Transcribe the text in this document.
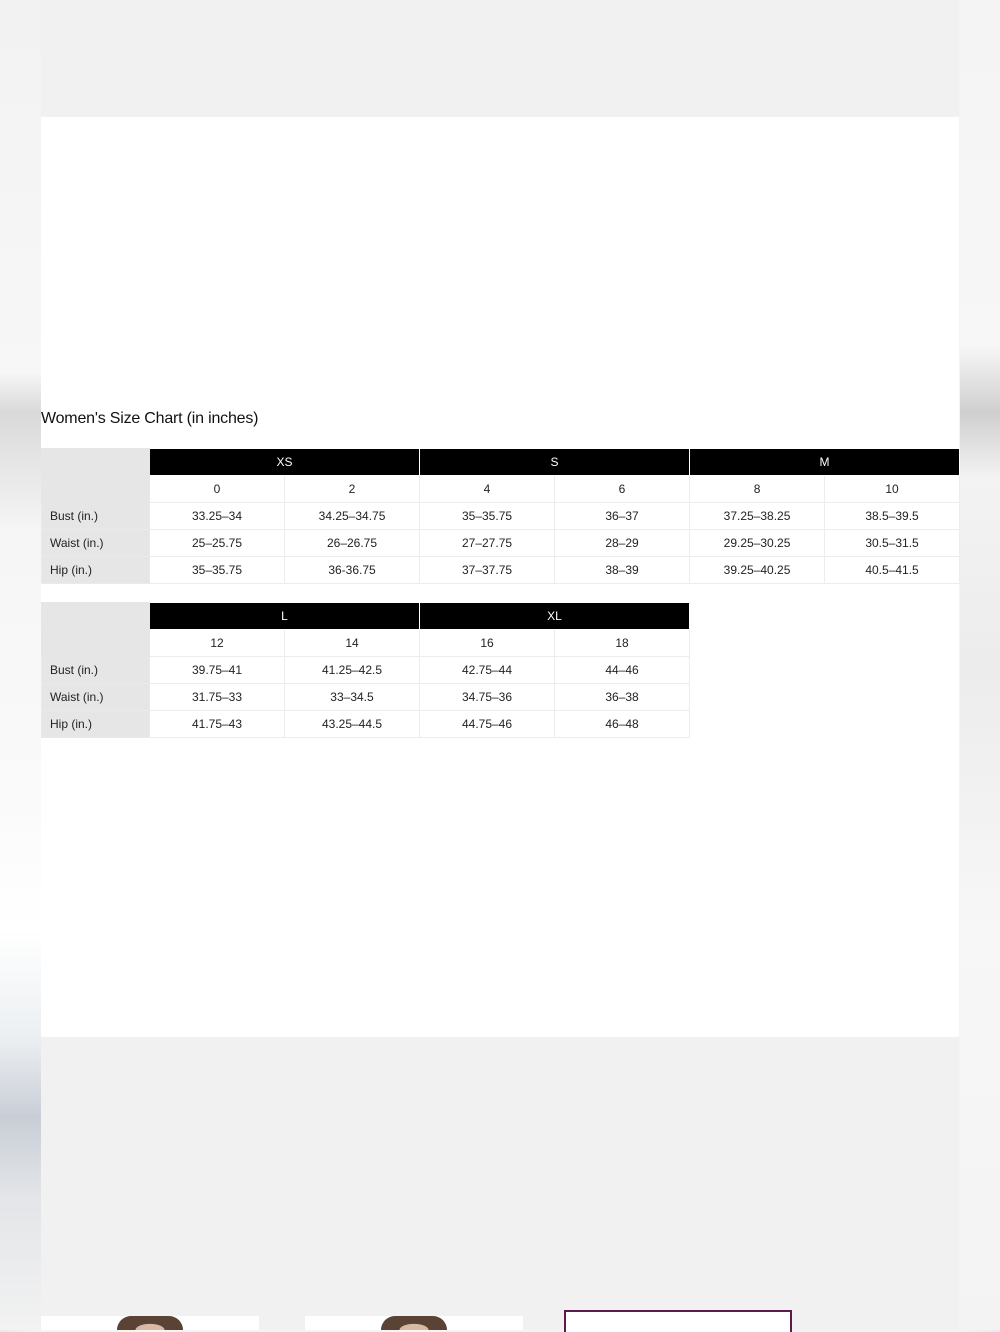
Women's Size Chart (in inches)
	XS		S		M	
	0	2	4	6	8	10
Bust (in.)	33.25–34	34.25–34.75	35–35.75	36–37	37.25–38.25	38.5–39.5
Waist (in.)	25–25.75	26–26.75	27–27.75	28–29	29.25–30.25	30.5–31.5
Hip (in.)	35–35.75	36-36.75	37–37.75	38–39	39.25–40.25	40.5–41.5
	L		XL	
	12	14	16	18
Bust (in.)	39.75–41	41.25–42.5	42.75–44	44–46
Waist (in.)	31.75–33	33–34.5	34.75–36	36–38
Hip (in.)	41.75–43	43.25–44.5	44.75–46	46–48
